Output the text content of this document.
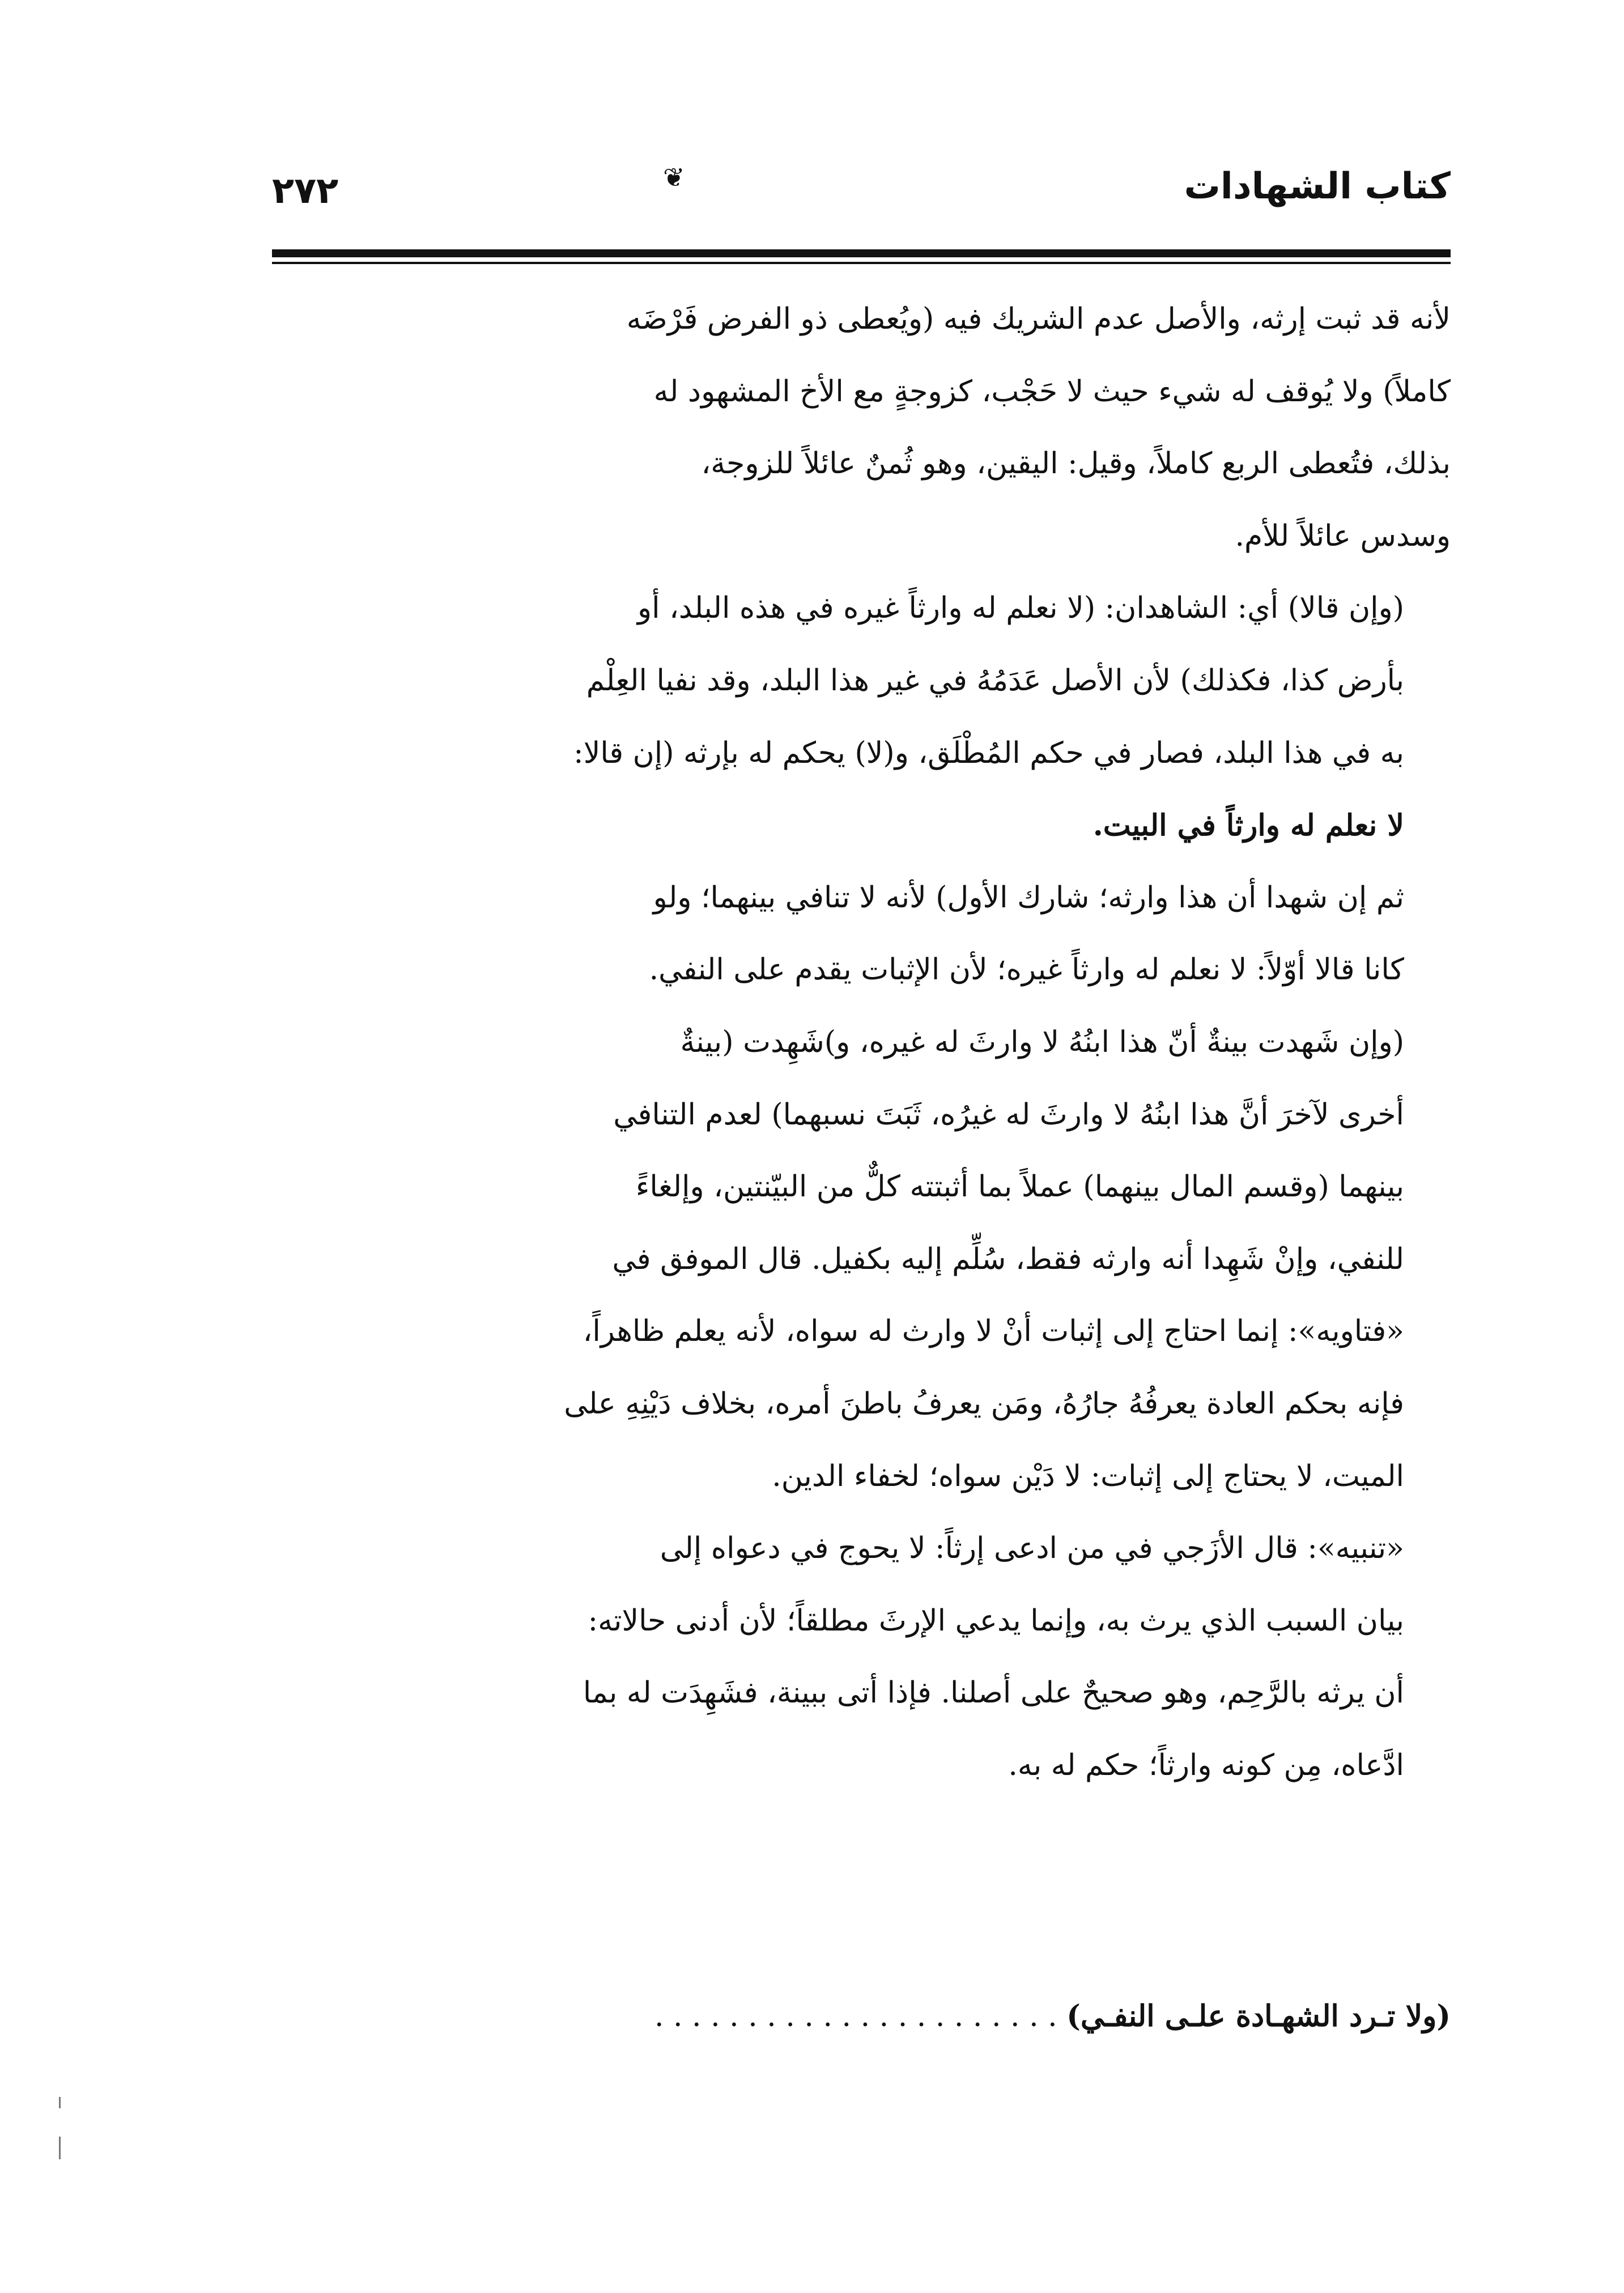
كتاب الشهادات
❦
٢٧٢
لأنه قد ثبت إرثه، والأصل عدم الشريك فيه (ويُعطى ذو الفرض فَرْضَه
كاملاً) ولا يُوقف له شيء حيث لا حَجْب، كزوجةٍ مع الأخ المشهود له
بذلك، فتُعطى الربع كاملاً، وقيل: اليقين، وهو ثُمنٌ عائلاً للزوجة،
وسدس عائلاً للأم.
(وإن قالا) أي: الشاهدان: (لا نعلم له وارثاً غيره في هذه البلد، أو
بأرض كذا، فكذلك) لأن الأصل عَدَمُهُ في غير هذا البلد، وقد نفيا العِلْم
به في هذا البلد، فصار في حكم المُطْلَق، و(لا) يحكم له بإرثه (إن قالا:
لا نعلم له وارثاً في البيت.
ثم إن شهدا أن هذا وارثه؛ شارك الأول) لأنه لا تنافي بينهما؛ ولو
كانا قالا أوّلاً: لا نعلم له وارثاً غيره؛ لأن الإثبات يقدم على النفي.
(وإن شَهدت بينةٌ أنّ هذا ابنُهُ لا وارثَ له غيره، و)شَهِدت (بينةٌ
أخرى لآخرَ أنَّ هذا ابنُهُ لا وارثَ له غيرُه، ثَبَتَ نسبهما) لعدم التنافي
بينهما (وقسم المال بينهما) عملاً بما أثبتته كلٌّ من البيّنتين، وإلغاءً
للنفي، وإنْ شَهِدا أنه وارثه فقط، سُلِّم إليه بكفيل. قال الموفق في
«فتاويه»: إنما احتاج إلى إثبات أنْ لا وارث له سواه، لأنه يعلم ظاهراً،
فإنه بحكم العادة يعرفُهُ جارُهُ، ومَن يعرفُ باطنَ أمره، بخلاف دَيْنِهِ على
الميت، لا يحتاج إلى إثبات: لا دَيْن سواه؛ لخفاء الدين.
«تنبيه»: قال الأزَجي في من ادعى إرثاً: لا يحوج في دعواه إلى
بيان السبب الذي يرث به، وإنما يدعي الإرثَ مطلقاً؛ لأن أدنى حالاته:
أن يرثه بالرَّحِم، وهو صحيحٌ على أصلنا. فإذا أتى ببينة، فشَهِدَت له بما
ادَّعاه، مِن كونه وارثاً؛ حكم له به.
(ولا تـرد الشهـادة علـى النفـي) . . . . . . . . . . . . . . . . . . . . . .
